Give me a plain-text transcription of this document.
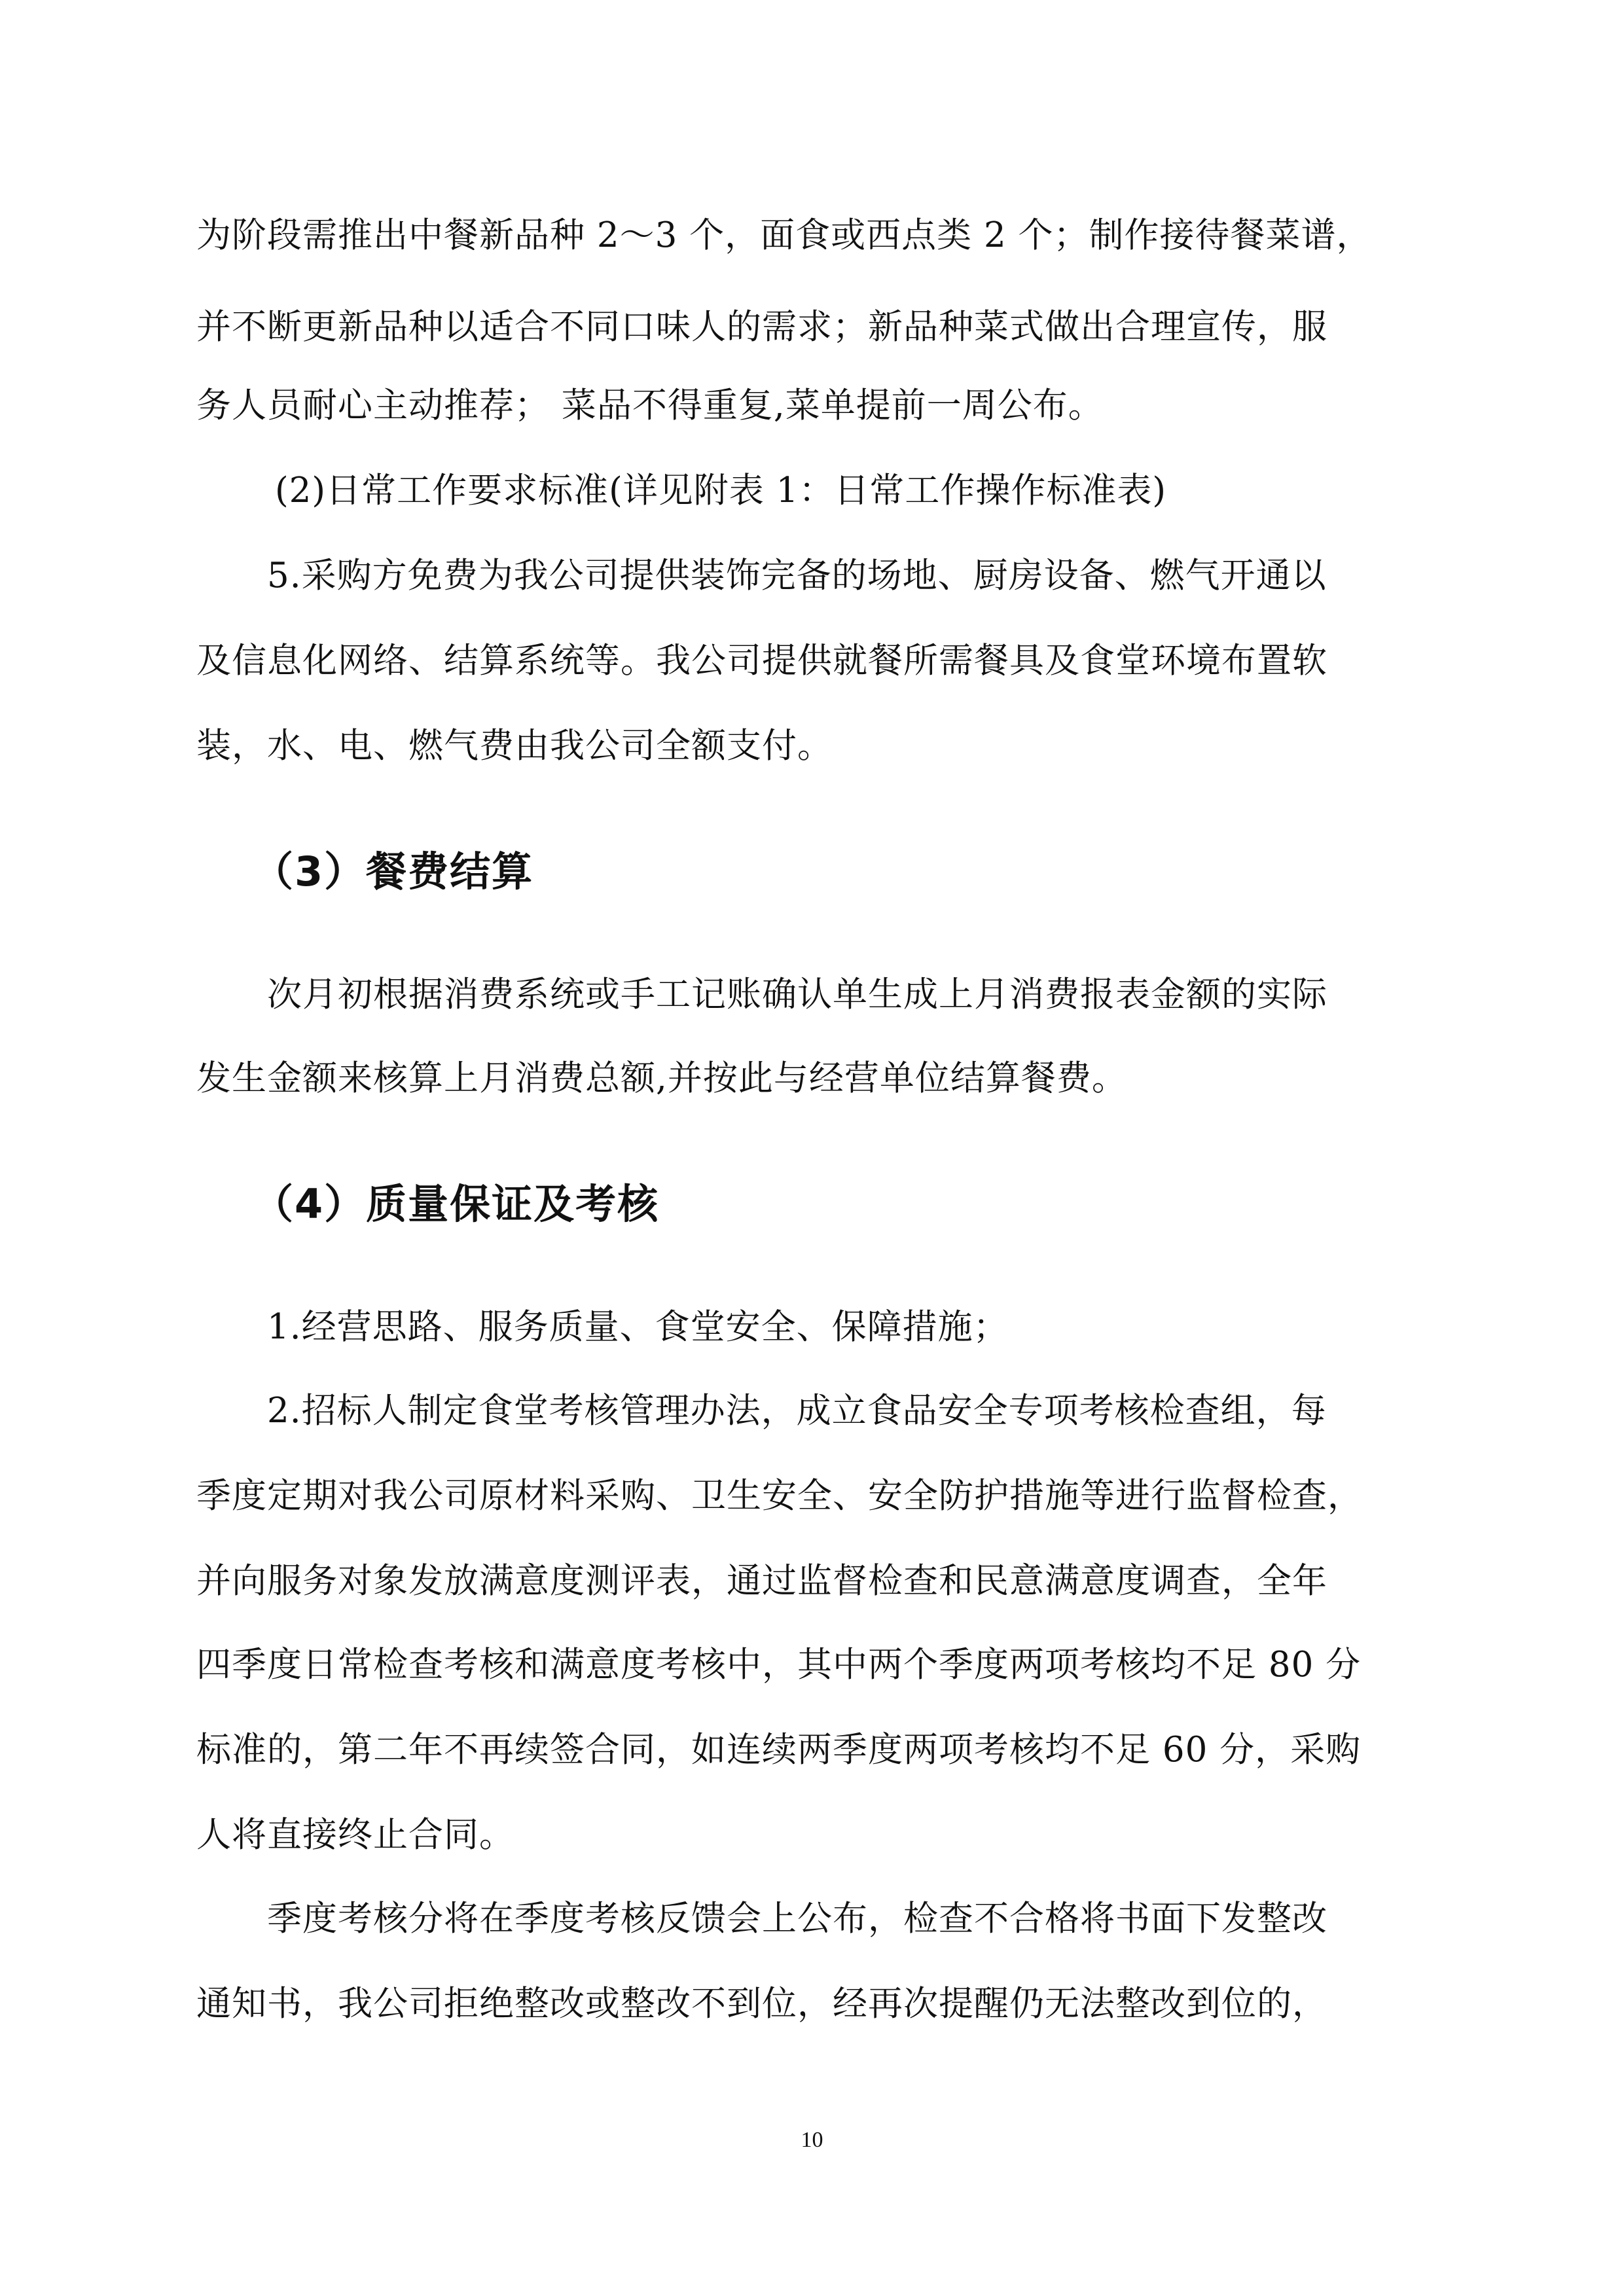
为阶段需推出中餐新品种 2～3 个，面食或西点类 2 个；制作接待餐菜谱，
并不断更新品种以适合不同口味人的需求；新品种菜式做出合理宣传，服
务人员耐心主动推荐； 菜品不得重复,菜单提前一周公布。
(2)日常工作要求标准(详见附表 1：日常工作操作标准表)
5.采购方免费为我公司提供装饰完备的场地、厨房设备、燃气开通以
及信息化网络、结算系统等。我公司提供就餐所需餐具及食堂环境布置软
装，水、电、燃气费由我公司全额支付。
（3）餐费结算
次月初根据消费系统或手工记账确认单生成上月消费报表金额的实际
发生金额来核算上月消费总额,并按此与经营单位结算餐费。
（4）质量保证及考核
1.经营思路、服务质量、食堂安全、保障措施；
2.招标人制定食堂考核管理办法，成立食品安全专项考核检查组，每
季度定期对我公司原材料采购、卫生安全、安全防护措施等进行监督检查，
并向服务对象发放满意度测评表，通过监督检查和民意满意度调查，全年
四季度日常检查考核和满意度考核中，其中两个季度两项考核均不足 80 分
标准的，第二年不再续签合同，如连续两季度两项考核均不足 60 分，采购
人将直接终止合同。
季度考核分将在季度考核反馈会上公布，检查不合格将书面下发整改
通知书，我公司拒绝整改或整改不到位，经再次提醒仍无法整改到位的，
10
